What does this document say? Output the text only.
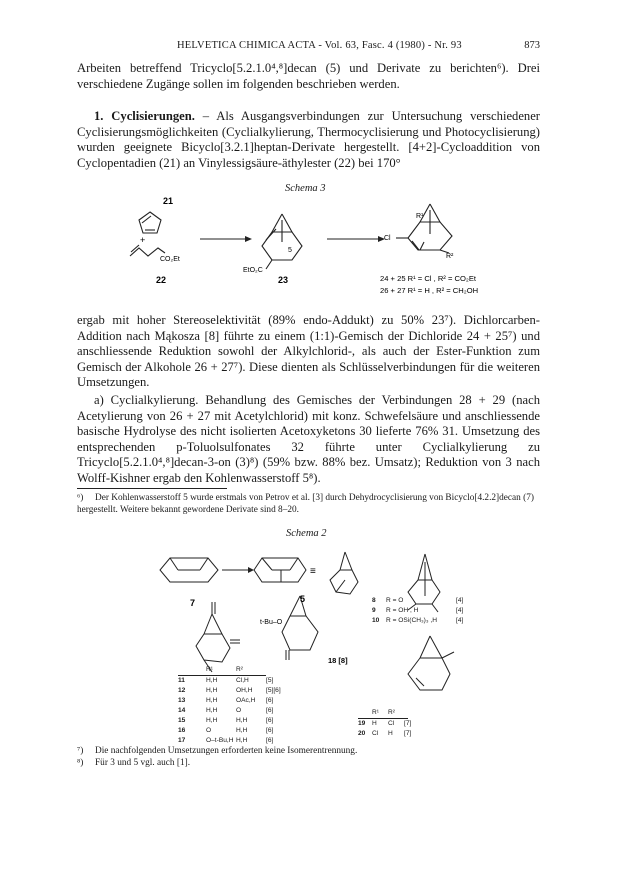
HELVETICA CHIMICA ACTA - Vol. 63, Fasc. 4 (1980) - Nr. 93	873

Arbeiten betreffend Tricyclo[5.2.1.0⁴,⁸]decan (5) und Derivate zu berichten⁶). Drei verschiedene Zugänge sollen im folgenden beschrieben werden.

1. Cyclisierungen. – Als Ausgangsverbindungen zur Untersuchung verschiedener Cyclisierungsmöglichkeiten (Cyclialkylierung, Thermocyclisierung und Photocyclisierung) wurden geeignete Bicyclo[3.2.1]heptan-Derivate hergestellt. [4+2]-Cycloaddition von Cyclopentadien (21) an Vinylessigsäure-äthylester (22) bei 170°

Schema 3
21
+
CO₂Et
22
EtO₂C
5
23
Cl
R¹
R²
24 + 25 R¹ = Cl , R² = CO₂Et
26 + 27 R¹ = H , R² = CH₂OH

ergab mit hoher Stereoselektivität (89% endo-Addukt) zu 50% 23⁷). Dichlorcarben-Addition nach Mąkosza [8] führte zu einem (1:1)-Gemisch der Dichloride 24 + 25⁷) und anschliessende Reduktion sowohl der Alkylchlorid-, als auch der Ester-Funktion zum Gemisch der Alkohole 26 + 27⁷). Diese dienten als Schlüsselverbindungen für die weiteren Umsetzungen.

a) Cyclialkylierung. Behandlung des Gemisches der Verbindungen 28 + 29 (nach Acetylierung von 26 + 27 mit Acetylchlorid) mit konz. Schwefelsäure und anschliessende basische Hydrolyse des nicht isolierten Acetoxyketons 30 lieferte 76% 31. Umsetzung des entsprechenden p-Toluolsulfonates 32 führte unter Cyclialkylierung zu Tricyclo[5.2.1.0⁴,⁸]decan-3-on (3)⁸) (59% bzw. 88% bez. Umsatz); Reduktion von 3 nach Wolff-Kishner ergab den Kohlenwasserstoff 5⁸).

⁶) Der Kohlenwasserstoff 5 wurde erstmals von Petrov et al. [3] durch Dehydrocyclisierung von Bicyclo[4.2.2]decan (7) hergestellt. Weitere bekannt gewordene Derivate sind 8–20.
Schema 2
7
≡
5
t-Bu–O
18 [8]
R¹	R²
11	H,H	Cl,H	[5]
12	H,H	OH,H	[5][6]
13	H,H	OAc,H	[6]
14	H,H	O	[6]
15	H,H	H,H	[6]
16	O	H,H	[6]
17	O–t-Bu,H H,H	[6]
8	R = O	[4]
9	R = OH , H	[4]
10	R = OSi(CH₃)₃ ,H	[4]
R¹	R²
19	H	Cl	[7]
20	Cl	H	[7]
⁷) Die nachfolgenden Umsetzungen erforderten keine Isomerentrennung.
⁸) Für 3 und 5 vgl. auch [1].
